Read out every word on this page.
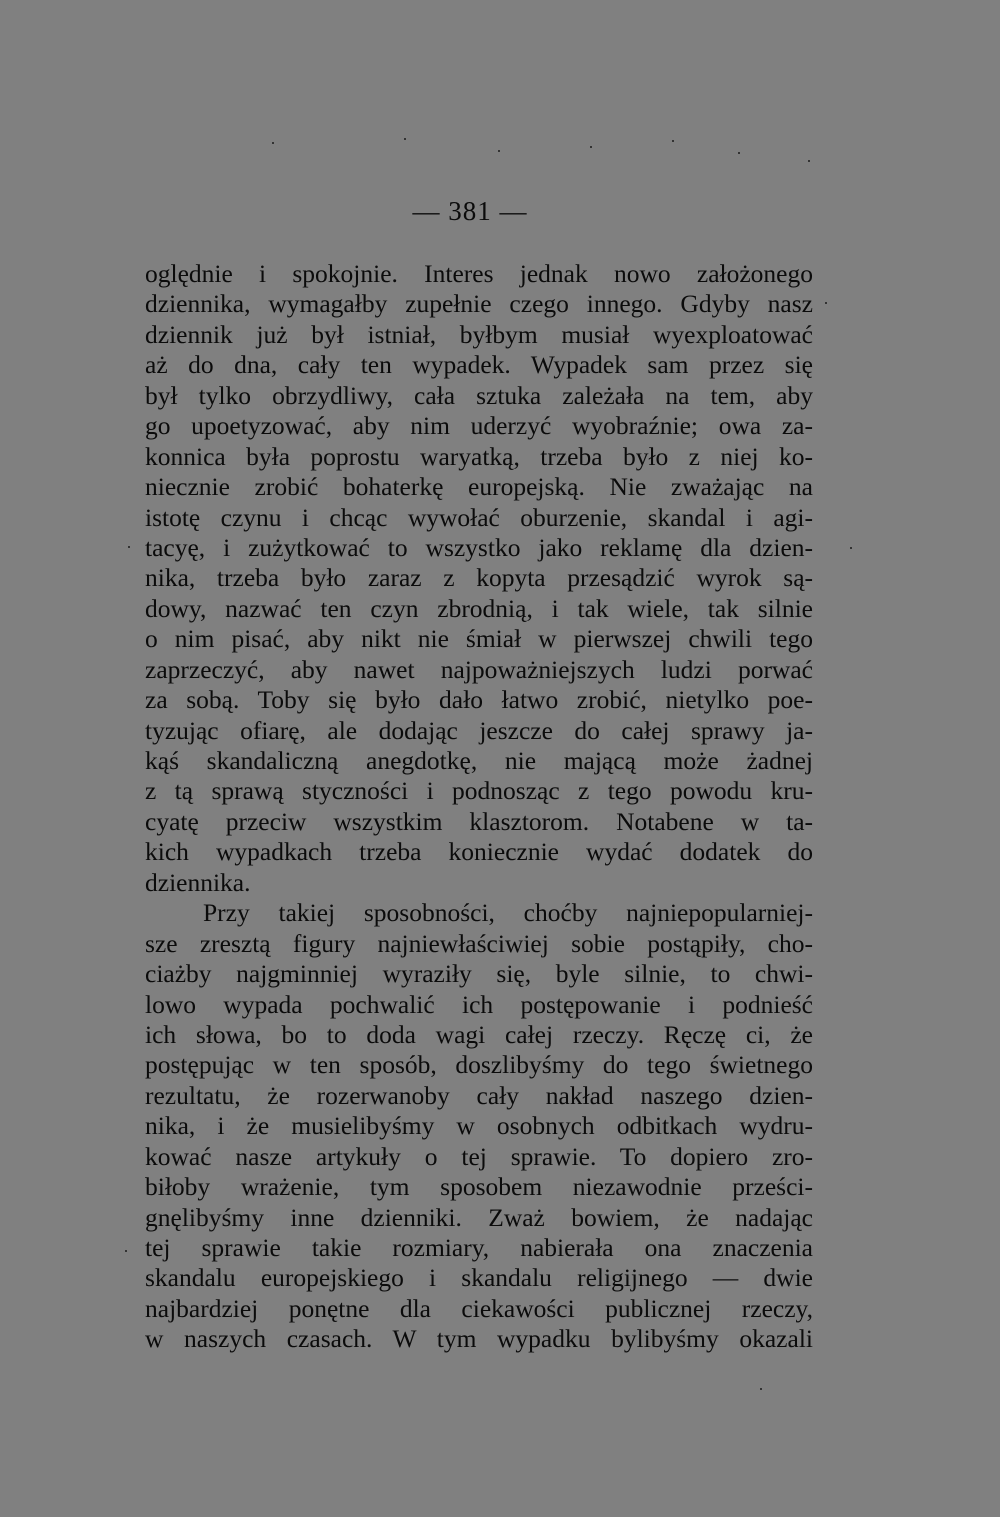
— 381 —
oględnie i spokojnie. Interes jednak nowo założonego
dziennika, wymagałby zupełnie czego innego. Gdyby nasz
dziennik już był istniał, byłbym musiał wyexploatować
aż do dna, cały ten wypadek. Wypadek sam przez się
był tylko obrzydliwy, cała sztuka zależała na tem, aby
go upoetyzować, aby nim uderzyć wyobraźnie; owa za-
konnica była poprostu waryatką, trzeba było z niej ko-
niecznie zrobić bohaterkę europejską. Nie zważając na
istotę czynu i chcąc wywołać oburzenie, skandal i agi-
tacyę, i zużytkować to wszystko jako reklamę dla dzien-
nika, trzeba było zaraz z kopyta przesądzić wyrok są-
dowy, nazwać ten czyn zbrodnią, i tak wiele, tak silnie
o nim pisać, aby nikt nie śmiał w pierwszej chwili tego
zaprzeczyć, aby nawet najpoważniejszych ludzi porwać
za sobą. Toby się było dało łatwo zrobić, nietylko poe-
tyzując ofiarę, ale dodając jeszcze do całej sprawy ja-
kąś skandaliczną anegdotkę, nie mającą może żadnej
z tą sprawą styczności i podnosząc z tego powodu kru-
cyatę przeciw wszystkim klasztorom. Notabene w ta-
kich wypadkach trzeba koniecznie wydać dodatek do
dziennika.
Przy takiej sposobności, choćby najniepopularniej-
sze zresztą figury najniewłaściwiej sobie postąpiły, cho-
ciażby najgminniej wyraziły się, byle silnie, to chwi-
lowo wypada pochwalić ich postępowanie i podnieść
ich słowa, bo to doda wagi całej rzeczy. Ręczę ci, że
postępując w ten sposób, doszlibyśmy do tego świetnego
rezultatu, że rozerwanoby cały nakład naszego dzien-
nika, i że musielibyśmy w osobnych odbitkach wydru-
kować nasze artykuły o tej sprawie. To dopiero zro-
biłoby wrażenie, tym sposobem niezawodnie prześci-
gnęlibyśmy inne dzienniki. Zważ bowiem, że nadając
tej sprawie takie rozmiary, nabierała ona znaczenia
skandalu europejskiego i skandalu religijnego — dwie
najbardziej ponętne dla ciekawości publicznej rzeczy,
w naszych czasach. W tym wypadku bylibyśmy okazali
